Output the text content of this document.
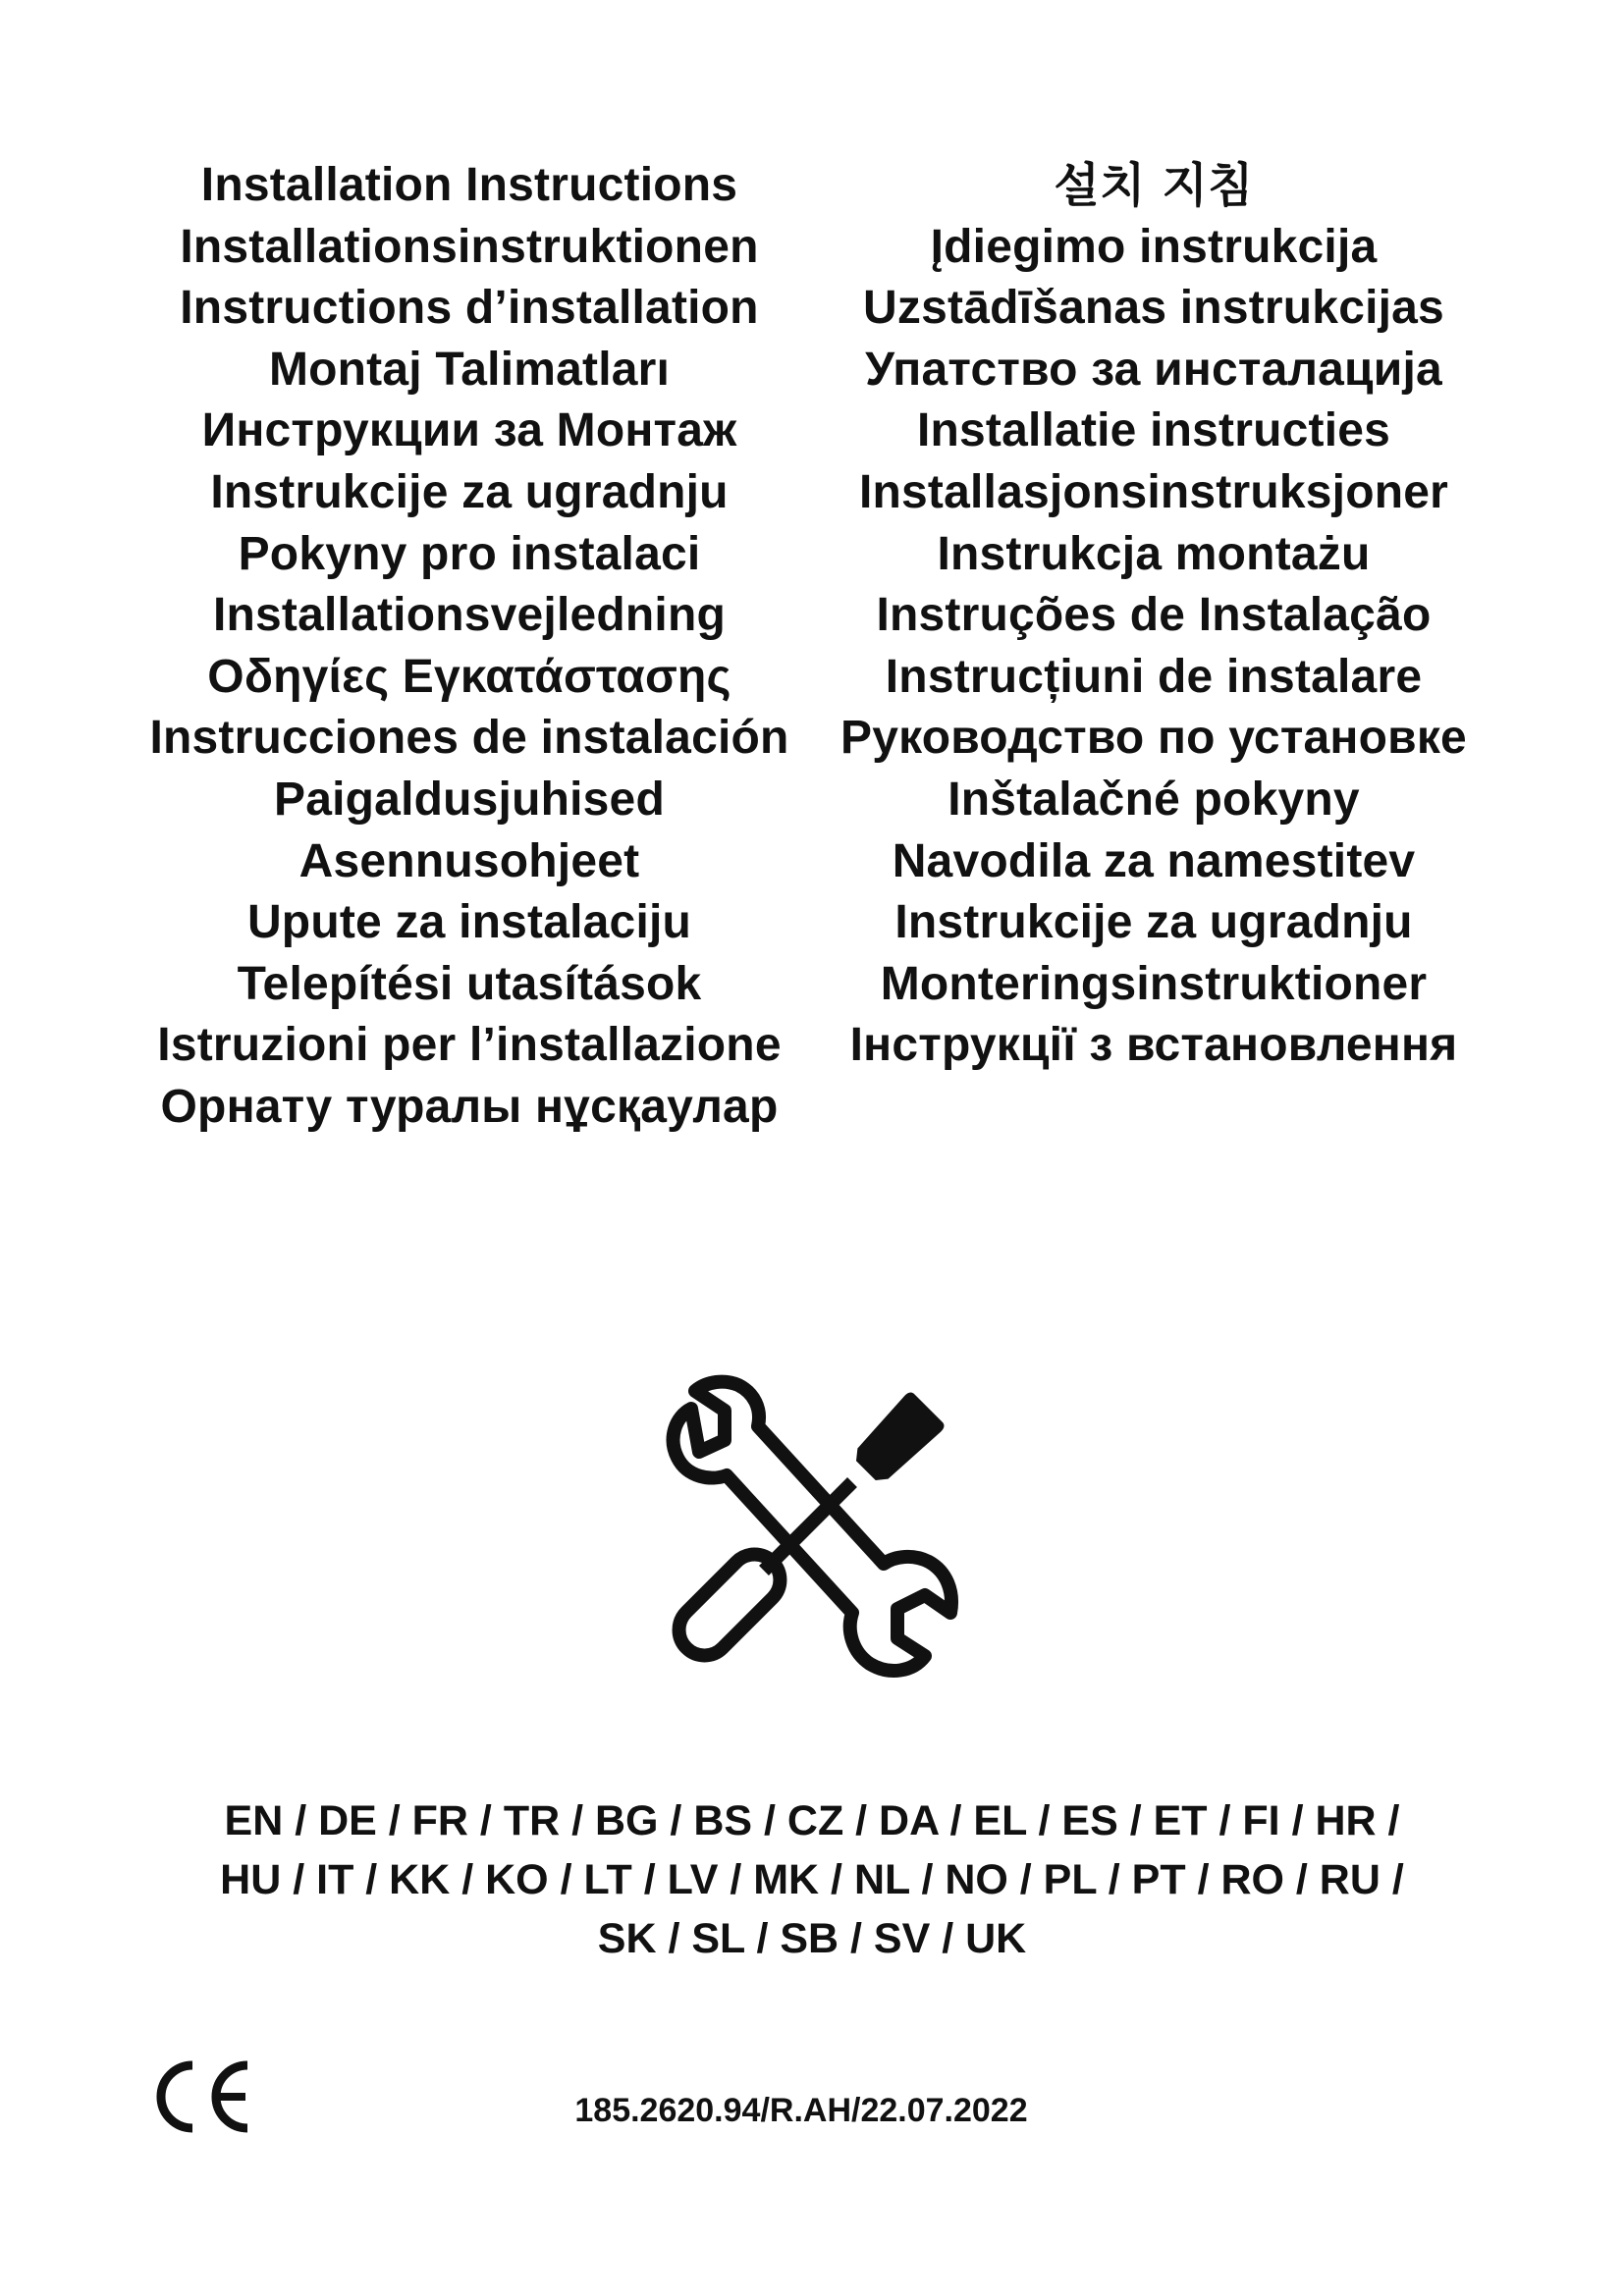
Installation Instructions
Installationsinstruktionen
Instructions d’installation
Montaj Talimatları
Инструкции за Монтаж
Instrukcije za ugradnju
Pokyny pro instalaci
Installationsvejledning
Οδηγίες Εγκατάστασης
Instrucciones de instalación
Paigaldusjuhised
Asennusohjeet
Upute za instalaciju
Telepítési utasítások
Istruzioni per l’installazione
Орнату туралы нұсқаулар
설치 지침
Įdiegimo instrukcija
Uzstādīšanas instrukcijas
Упатство за инсталација
Installatie instructies
Installasjonsinstruksjoner
Instrukcja montażu
Instruções de Instalação
Instrucțiuni de instalare
Руководство по установке
Inštalačné pokyny
Navodila za namestitev
Instrukcije za ugradnju
Monteringsinstruktioner
Інструкції з встановлення
EN / DE / FR / TR / BG / BS / CZ / DA / EL / ES / ET / FI / HR /
HU / IT / KK / KO / LT / LV / MK / NL / NO / PL / PT / RO / RU /
SK / SL / SB / SV / UK
185.2620.94/R.AH/22.07.2022
